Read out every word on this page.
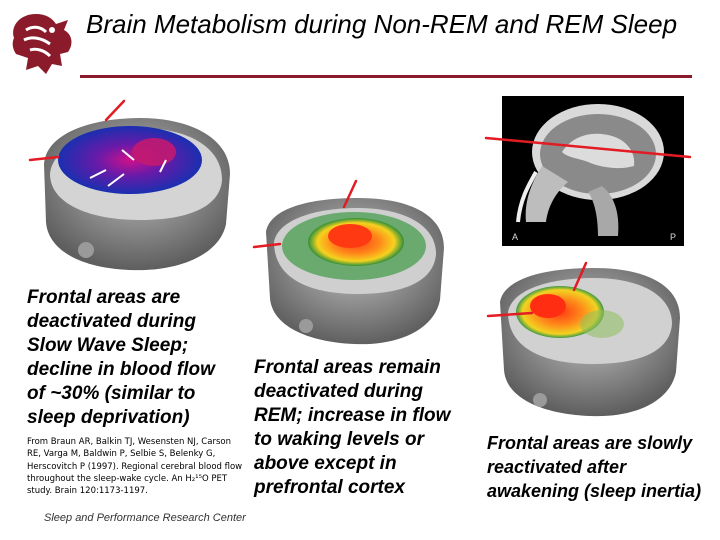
Brain Metabolism during Non-REM and REM Sleep
A	P
Frontal areas are deactivated during Slow Wave Sleep; decline in blood flow of ~30% (similar to sleep deprivation)
From Braun AR, Balkin TJ, Wesensten NJ, Carson RE, Varga M, Baldwin P, Selbie S, Belenky G, Herscovitch P (1997). Regional cerebral blood flow throughout the sleep-wake cycle. An H₂¹⁵O PET study. Brain 120:1173-1197.
Frontal areas remain deactivated during REM; increase in flow to waking levels or above except in prefrontal cortex
Frontal areas are slowly reactivated after awakening (sleep inertia)
Sleep and Performance Research Center
